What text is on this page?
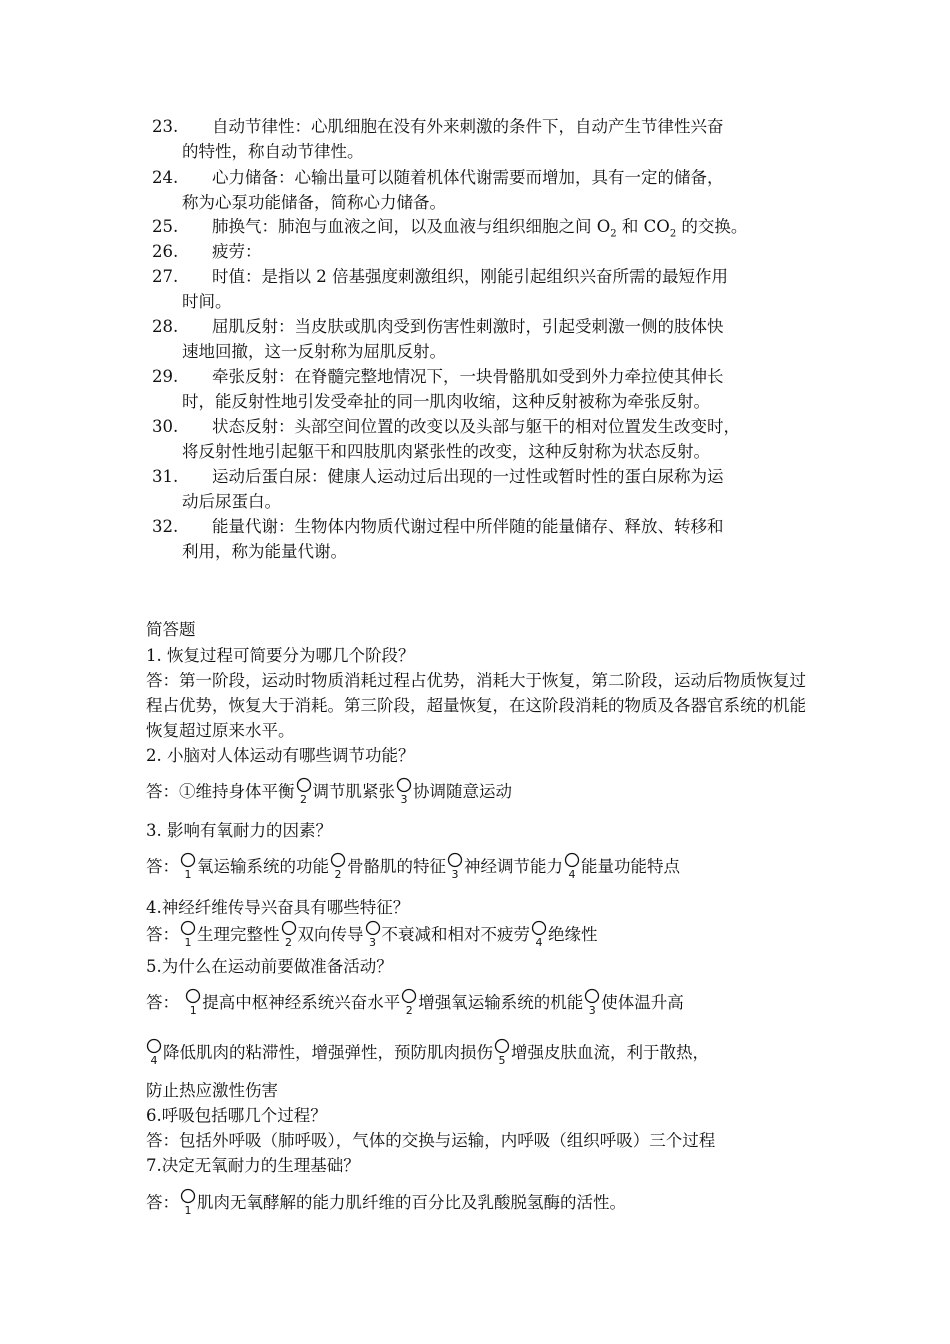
23.	自动节律性：心肌细胞在没有外来刺激的条件下，自动产生节律性兴奋
的特性，称自动节律性。
24.	心力储备：心输出量可以随着机体代谢需要而增加，具有一定的储备，
称为心泵功能储备，简称心力储备。
25.	肺换气：肺泡与血液之间，以及血液与组织细胞之间 $O_2$ 和 $CO_2$ 的交换。
26.	疲劳：
27.	时值：是指以 2 倍基强度刺激组织，刚能引起组织兴奋所需的最短作用
时间。
28.	屈肌反射：当皮肤或肌肉受到伤害性刺激时，引起受刺激一侧的肢体快
速地回撤，这一反射称为屈肌反射。
29.	牵张反射：在脊髓完整地情况下，一块骨骼肌如受到外力牵拉使其伸长
时，能反射性地引发受牵扯的同一肌肉收缩，这种反射被称为牵张反射。
30.	状态反射：头部空间位置的改变以及头部与躯干的相对位置发生改变时，
将反射性地引起躯干和四肢肌肉紧张性的改变，这种反射称为状态反射。
31.	运动后蛋白尿：健康人运动过后出现的一过性或暂时性的蛋白尿称为运
动后尿蛋白。
32.	能量代谢：生物体内物质代谢过程中所伴随的能量储存、释放、转移和
利用，称为能量代谢。
简答题
1. 恢复过程可简要分为哪几个阶段？
答：第一阶段，运动时物质消耗过程占优势，消耗大于恢复，第二阶段，运动后物质恢复过程占优势，恢复大于消耗。第三阶段，超量恢复，在这阶段消耗的物质及各器官系统的机能恢复超过原来水平。
2. 小脑对人体运动有哪些调节功能？
答：①维持身体平衡 2 调节肌紧张 3 协调随意运动
3. 影响有氧耐力的因素？
答： 1 氧运输系统的功能 2 骨骼肌的特征 3 神经调节能力 4 能量功能特点
4.神经纤维传导兴奋具有哪些特征？
答： 1 生理完整性 2 双向传导 3 不衰减和相对不疲劳 4 绝缘性
5.为什么在运动前要做准备活动？
答： 1 提高中枢神经系统兴奋水平 2 增强氧运输系统的机能 3 使体温升高
4 降低肌肉的粘滞性，增强弹性，预防肌肉损伤 5 增强皮肤血流，利于散热，
防止热应激性伤害
6.呼吸包括哪几个过程？
答：包括外呼吸（肺呼吸），气体的交换与运输，内呼吸（组织呼吸）三个过程
7.决定无氧耐力的生理基础？
答： 1 肌肉无氧酵解的能力肌纤维的百分比及乳酸脱氢酶的活性。
